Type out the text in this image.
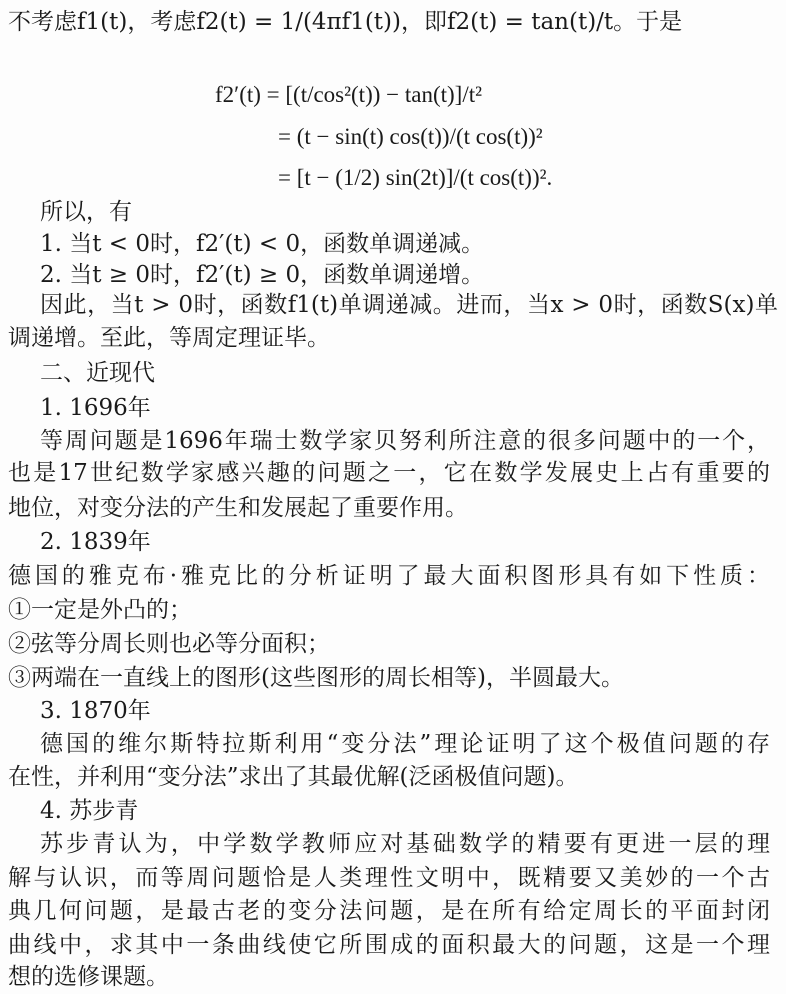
不考虑f1(t)，考虑f2(t) = 1/(4πf1(t))，即f2(t) = tan(t)/t。于是
f2′(t) = [(t/cos²(t)) − tan(t)]/t²
= (t − sin(t) cos(t))/(t cos(t))²
= [t − (1/2) sin(2t)]/(t cos(t))².
所以，有
1. 当t < 0时，f2′(t) < 0，函数单调递减。
2. 当t ≥ 0时，f2′(t) ≥ 0，函数单调递增。
因此，当t > 0时，函数f1(t)单调递减。进而，当x > 0时，函数S(x)单
调递增。至此，等周定理证毕。
二、近现代
1. 1696年
等周问题是1696年瑞士数学家贝努利所注意的很多问题中的一个，
也是17世纪数学家感兴趣的问题之一，它在数学发展史上占有重要的
地位，对变分法的产生和发展起了重要作用。
2. 1839年
德国的雅克布·雅克比的分析证明了最大面积图形具有如下性质：
①一定是外凸的；
②弦等分周长则也必等分面积；
③两端在一直线上的图形(这些图形的周长相等)，半圆最大。
3. 1870年
德国的维尔斯特拉斯利用“变分法”理论证明了这个极值问题的存
在性，并利用“变分法”求出了其最优解(泛函极值问题)。
4. 苏步青
苏步青认为，中学数学教师应对基础数学的精要有更进一层的理
解与认识，而等周问题恰是人类理性文明中，既精要又美妙的一个古
典几何问题，是最古老的变分法问题，是在所有给定周长的平面封闭
曲线中，求其中一条曲线使它所围成的面积最大的问题，这是一个理
想的选修课题。
